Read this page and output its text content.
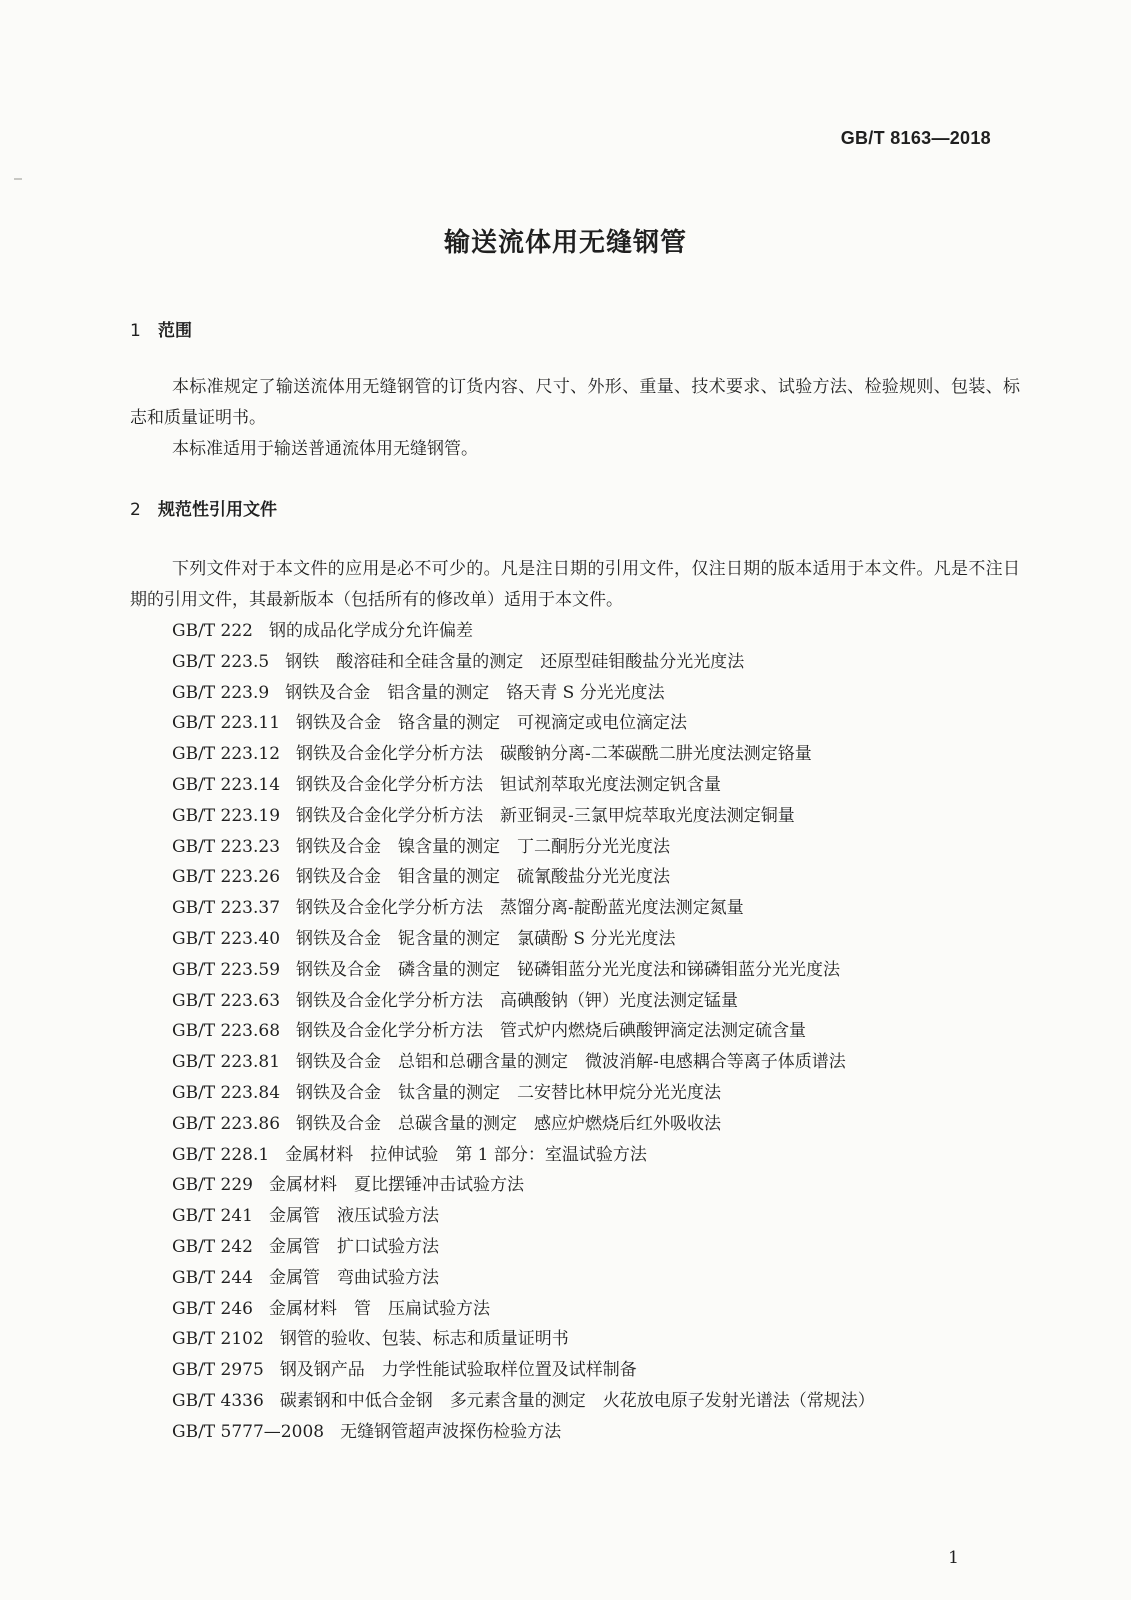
GB/T 8163—2018
输送流体用无缝钢管
1 范围
本标准规定了输送流体用无缝钢管的订货内容、尺寸、外形、重量、技术要求、试验方法、检验规则、包装、标志和质量证明书。
本标准适用于输送普通流体用无缝钢管。
2 规范性引用文件
下列文件对于本文件的应用是必不可少的。凡是注日期的引用文件，仅注日期的版本适用于本文件。凡是不注日期的引用文件，其最新版本（包括所有的修改单）适用于本文件。
GB/T 222 钢的成品化学成分允许偏差
GB/T 223.5 钢铁　酸溶硅和全硅含量的测定　还原型硅钼酸盐分光光度法
GB/T 223.9 钢铁及合金　铝含量的测定　铬天青 S 分光光度法
GB/T 223.11 钢铁及合金　铬含量的测定　可视滴定或电位滴定法
GB/T 223.12 钢铁及合金化学分析方法　碳酸钠分离-二苯碳酰二肼光度法测定铬量
GB/T 223.14 钢铁及合金化学分析方法　钽试剂萃取光度法测定钒含量
GB/T 223.19 钢铁及合金化学分析方法　新亚铜灵-三氯甲烷萃取光度法测定铜量
GB/T 223.23 钢铁及合金　镍含量的测定　丁二酮肟分光光度法
GB/T 223.26 钢铁及合金　钼含量的测定　硫氰酸盐分光光度法
GB/T 223.37 钢铁及合金化学分析方法　蒸馏分离-靛酚蓝光度法测定氮量
GB/T 223.40 钢铁及合金　铌含量的测定　氯磺酚 S 分光光度法
GB/T 223.59 钢铁及合金　磷含量的测定　铋磷钼蓝分光光度法和锑磷钼蓝分光光度法
GB/T 223.63 钢铁及合金化学分析方法　高碘酸钠（钾）光度法测定锰量
GB/T 223.68 钢铁及合金化学分析方法　管式炉内燃烧后碘酸钾滴定法测定硫含量
GB/T 223.81 钢铁及合金　总铝和总硼含量的测定　微波消解-电感耦合等离子体质谱法
GB/T 223.84 钢铁及合金　钛含量的测定　二安替比林甲烷分光光度法
GB/T 223.86 钢铁及合金　总碳含量的测定　感应炉燃烧后红外吸收法
GB/T 228.1 金属材料　拉伸试验　第 1 部分：室温试验方法
GB/T 229 金属材料　夏比摆锤冲击试验方法
GB/T 241 金属管　液压试验方法
GB/T 242 金属管　扩口试验方法
GB/T 244 金属管　弯曲试验方法
GB/T 246 金属材料　管　压扁试验方法
GB/T 2102 钢管的验收、包装、标志和质量证明书
GB/T 2975 钢及钢产品　力学性能试验取样位置及试样制备
GB/T 4336 碳素钢和中低合金钢　多元素含量的测定　火花放电原子发射光谱法（常规法）
GB/T 5777—2008 无缝钢管超声波探伤检验方法
1
